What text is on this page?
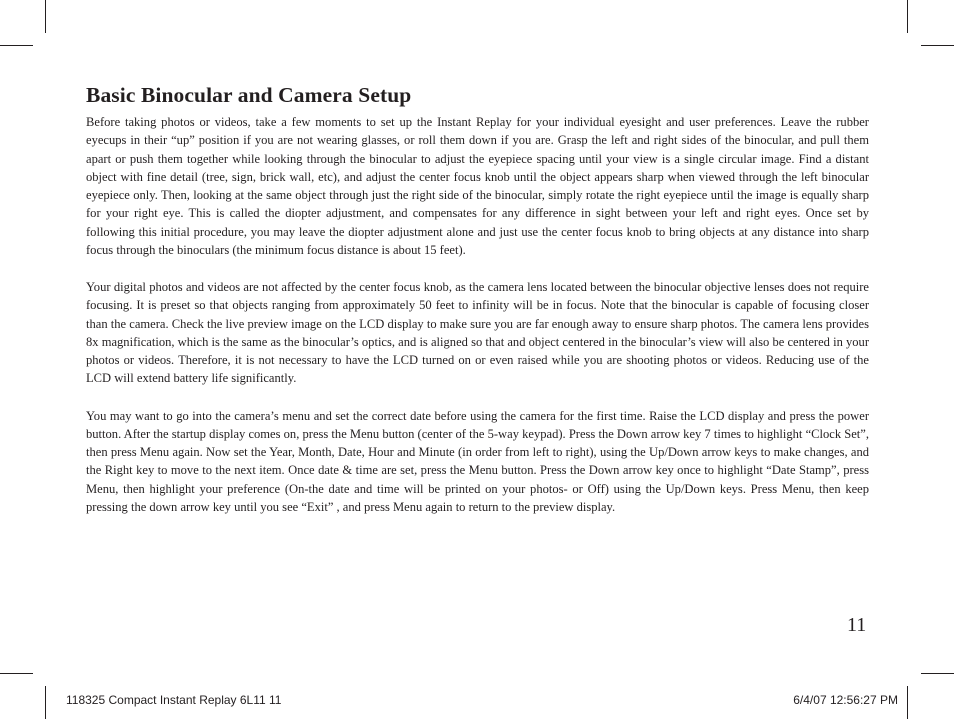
Basic Binocular and Camera Setup

Before taking photos or videos, take a few moments to set up the Instant Replay for your individual eyesight and user preferences. Leave the rubber eyecups in their “up” position if you are not wearing glasses, or roll them down if you are. Grasp the left and right sides of the binocular, and pull them apart or push them together while looking through the binocular to adjust the eyepiece spacing until your view is a single circular image. Find a distant object with fine detail (tree, sign, brick wall, etc), and adjust the center focus knob until the object appears sharp when viewed through the left binocular eyepiece only. Then, looking at the same object through just the right side of the binocular, simply rotate the right eyepiece until the image is equally sharp for your right eye. This is called the diopter adjustment, and compensates for any difference in sight between your left and right eyes. Once set by following this initial procedure, you may leave the diopter adjustment alone and just use the center focus knob to bring objects at any distance into sharp focus through the binoculars (the minimum focus distance is about 15 feet).

Your digital photos and videos are not affected by the center focus knob, as the camera lens located between the binocular objective lenses does not require focusing. It is preset so that objects ranging from approximately 50 feet to infinity will be in focus. Note that the binocular is capable of focusing closer than the camera. Check the live preview image on the LCD display to make sure you are far enough away to ensure sharp photos. The camera lens provides 8x magnification, which is the same as the binocular’s optics, and is aligned so that and object centered in the binocular’s view will also be centered in your photos or videos. Therefore, it is not necessary to have the LCD turned on or even raised while you are shooting photos or videos. Reducing use of the LCD will extend battery life significantly.

You may want to go into the camera’s menu and set the correct date before using the camera for the first time. Raise the LCD display and press the power button. After the startup display comes on, press the Menu button (center of the 5-way keypad). Press the Down arrow key 7 times to highlight “Clock Set”, then press Menu again. Now set the Year, Month, Date, Hour and Minute (in order from left to right), using the Up/Down arrow keys to make changes, and the Right key to move to the next item. Once date & time are set, press the Menu button. Press the Down arrow key once to highlight “Date Stamp”, press Menu, then highlight your preference (On-the date and time will be printed on your photos- or Off) using the Up/Down keys. Press Menu, then keep pressing the down arrow key until you see “Exit” , and press Menu again to return to the preview display.

11
118325 Compact Instant Replay 6L11 11	6/4/07 12:56:27 PM
